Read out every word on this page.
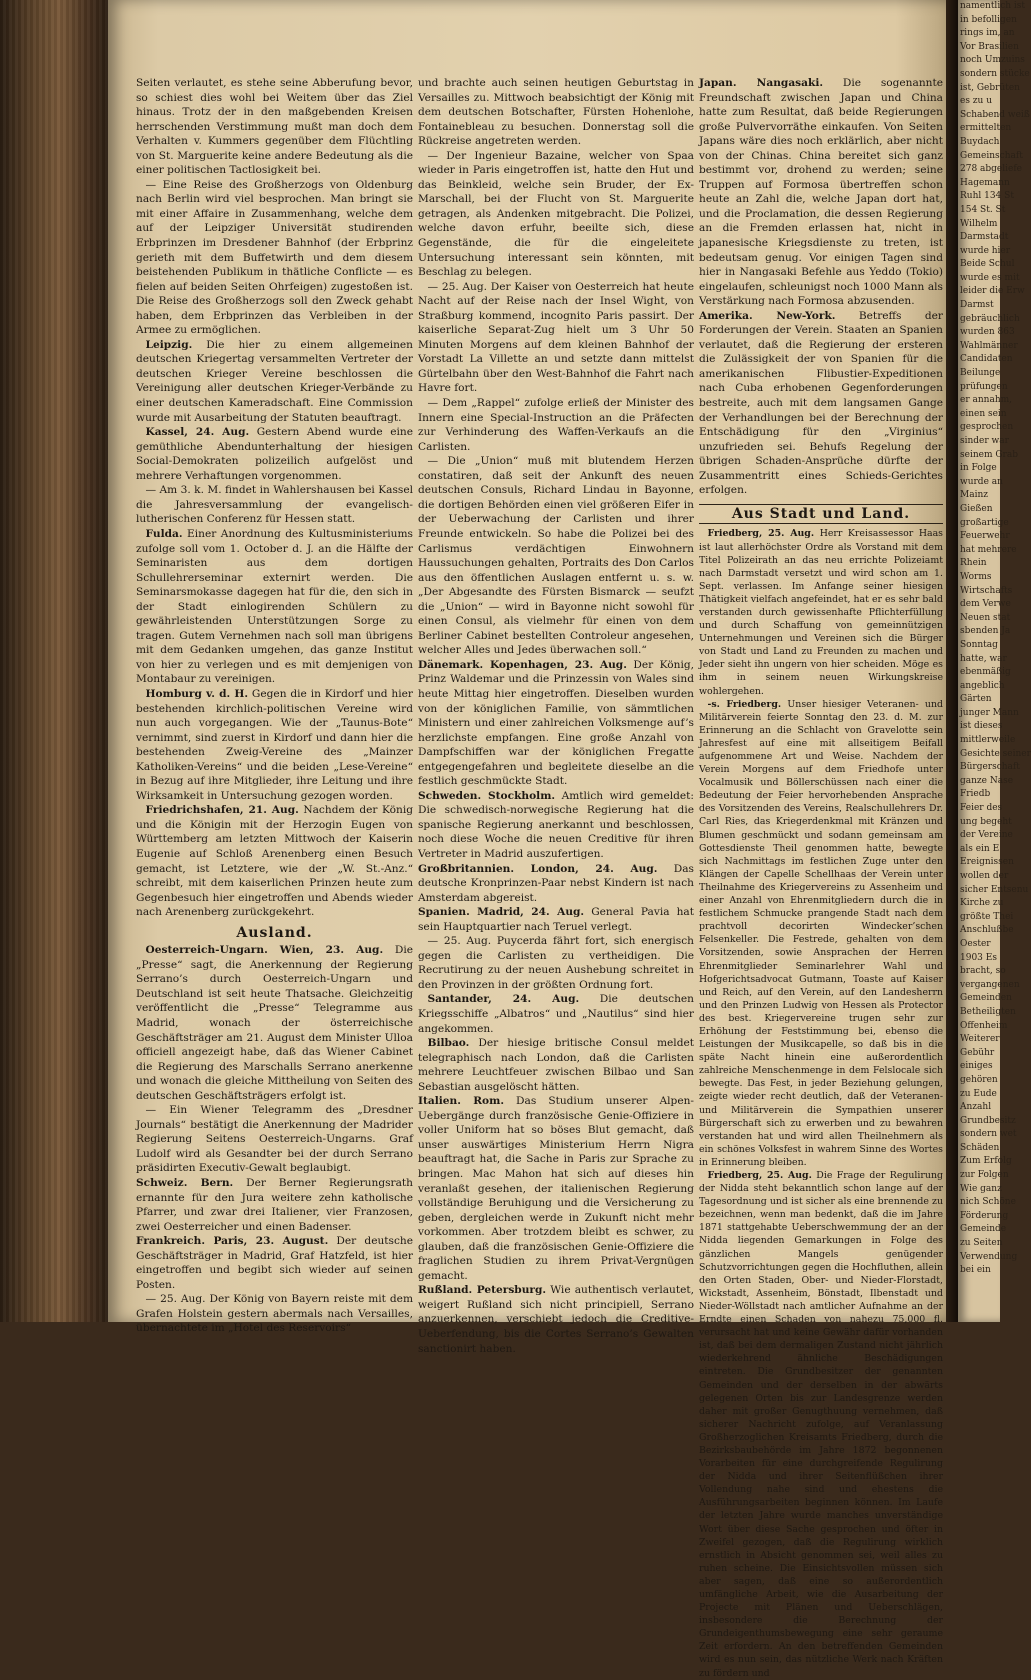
Seiten verlautet, es stehe seine Abberufung bevor, so schiest dies wohl bei Weitem über das Ziel hinaus. Trotz der in den maßgebenden Kreisen herrschenden Verstimmung mußt man doch dem Verhalten v. Kummers gegenüber dem Flüchtling von St. Marguerite keine andere Bedeutung als die einer politischen Tactlosigkeit bei.

— Eine Reise des Großherzogs von Oldenburg nach Berlin wird viel besprochen. Man bringt sie mit einer Affaire in Zusammenhang, welche dem auf der Leipziger Universität studirenden Erbprinzen im Dresdener Bahnhof (der Erbprinz gerieth mit dem Buffetwirth und dem diesem beistehenden Publikum in thätliche Conflicte — es fielen auf beiden Seiten Ohrfeigen) zugestoßen ist. Die Reise des Großherzogs soll den Zweck gehabt haben, dem Erbprinzen das Verbleiben in der Armee zu ermöglichen.

Leipzig. Die hier zu einem allgemeinen deutschen Kriegertag versammelten Vertreter der deutschen Krieger Vereine beschlossen die Vereinigung aller deutschen Krieger-Verbände zu einer deutschen Kameradschaft. Eine Commission wurde mit Ausarbeitung der Statuten beauftragt.

Kassel, 24. Aug. Gestern Abend wurde eine gemüthliche Abendunterhaltung der hiesigen Social-Demokraten polizeilich aufgelöst und mehrere Verhaftungen vorgenommen.

— Am 3. k. M. findet in Wahlershausen bei Kassel die Jahresversammlung der evangelisch-lutherischen Conferenz für Hessen statt.

Fulda. Einer Anordnung des Kultusministeriums zufolge soll vom 1. October d. J. an die Hälfte der Seminaristen aus dem dortigen Schullehrerseminar externirt werden. Die Seminarsmokasse dagegen hat für die, den sich in der Stadt einlogirenden Schülern zu gewährleistenden Unterstützungen Sorge zu tragen. Gutem Vernehmen nach soll man übrigens mit dem Gedanken umgehen, das ganze Institut von hier zu verlegen und es mit demjenigen von Montabaur zu vereinigen.

Homburg v. d. H. Gegen die in Kirdorf und hier bestehenden kirchlich-politischen Vereine wird nun auch vorgegangen. Wie der „Taunus-Bote“ vernimmt, sind zuerst in Kirdorf und dann hier die bestehenden Zweig-Vereine des „Mainzer Katholiken-Vereins“ und die beiden „Lese-Vereine“ in Bezug auf ihre Mitglieder, ihre Leitung und ihre Wirksamkeit in Untersuchung gezogen worden.

Friedrichshafen, 21. Aug. Nachdem der König und die Königin mit der Herzogin Eugen von Württemberg am letzten Mittwoch der Kaiserin Eugenie auf Schloß Arenenberg einen Besuch gemacht, ist Letztere, wie der „W. St.-Anz.“ schreibt, mit dem kaiserlichen Prinzen heute zum Gegenbesuch hier eingetroffen und Abends wieder nach Arenenberg zurückgekehrt.

Ausland.

Oesterreich-Ungarn. Wien, 23. Aug. Die „Presse“ sagt, die Anerkennung der Regierung Serrano’s durch Oesterreich-Ungarn und Deutschland ist seit heute Thatsache. Gleichzeitig veröffentlicht die „Presse“ Telegramme aus Madrid, wonach der österreichische Geschäftsträger am 21. August dem Minister Ulloa officiell angezeigt habe, daß das Wiener Cabinet die Regierung des Marschalls Serrano anerkenne und wonach die gleiche Mittheilung von Seiten des deutschen Geschäftsträgers erfolgt ist.

— Ein Wiener Telegramm des „Dresdner Journals“ bestätigt die Anerkennung der Madrider Regierung Seitens Oesterreich-Ungarns. Graf Ludolf wird als Gesandter bei der durch Serrano präsidirten Executiv-Gewalt beglaubigt.

Schweiz. Bern. Der Berner Regierungsrath ernannte für den Jura weitere zehn katholische Pfarrer, und zwar drei Italiener, vier Franzosen, zwei Oesterreicher und einen Badenser.

Frankreich. Paris, 23. August. Der deutsche Geschäftsträger in Madrid, Graf Hatzfeld, ist hier eingetroffen und begibt sich wieder auf seinen Posten.

— 25. Aug. Der König von Bayern reiste mit dem Grafen Holstein gestern abermals nach Versailles, übernachtete im „Hotel des Reservoirs“

und brachte auch seinen heutigen Geburtstag in Versailles zu. Mittwoch beabsichtigt der König mit dem deutschen Botschafter, Fürsten Hohenlohe, Fontainebleau zu besuchen. Donnerstag soll die Rückreise angetreten werden.

— Der Ingenieur Bazaine, welcher von Spaa wieder in Paris eingetroffen ist, hatte den Hut und das Beinkleid, welche sein Bruder, der Ex-Marschall, bei der Flucht von St. Marguerite getragen, als Andenken mitgebracht. Die Polizei, welche davon erfuhr, beeilte sich, diese Gegenstände, die für die eingeleitete Untersuchung interessant sein könnten, mit Beschlag zu belegen.

— 25. Aug. Der Kaiser von Oesterreich hat heute Nacht auf der Reise nach der Insel Wight, von Straßburg kommend, incognito Paris passirt. Der kaiserliche Separat-Zug hielt um 3 Uhr 50 Minuten Morgens auf dem kleinen Bahnhof der Vorstadt La Villette an und setzte dann mittelst Gürtelbahn über den West-Bahnhof die Fahrt nach Havre fort.

— Dem „Rappel“ zufolge erließ der Minister des Innern eine Special-Instruction an die Präfecten zur Verhinderung des Waffen-Verkaufs an die Carlisten.

— Die „Union“ muß mit blutendem Herzen constatiren, daß seit der Ankunft des neuen deutschen Consuls, Richard Lindau in Bayonne, die dortigen Behörden einen viel größeren Eifer in der Ueberwachung der Carlisten und ihrer Freunde entwickeln. So habe die Polizei bei des Carlismus verdächtigen Einwohnern Haussuchungen gehalten, Portraits des Don Carlos aus den öffentlichen Auslagen entfernt u. s. w. „Der Abgesandte des Fürsten Bismarck — seufzt die „Union“ — wird in Bayonne nicht sowohl für einen Consul, als vielmehr für einen von dem Berliner Cabinet bestellten Controleur angesehen, welcher Alles und Jedes überwachen soll.“

Dänemark. Kopenhagen, 23. Aug. Der König, Prinz Waldemar und die Prinzessin von Wales sind heute Mittag hier eingetroffen. Dieselben wurden von der königlichen Familie, von sämmtlichen Ministern und einer zahlreichen Volksmenge auf’s herzlichste empfangen. Eine große Anzahl von Dampfschiffen war der königlichen Fregatte entgegengefahren und begleitete dieselbe an die festlich geschmückte Stadt.

Schweden. Stockholm. Amtlich wird gemeldet: Die schwedisch-norwegische Regierung hat die spanische Regierung anerkannt und beschlossen, noch diese Woche die neuen Creditive für ihren Vertreter in Madrid auszufertigen.

Großbritannien. London, 24. Aug. Das deutsche Kronprinzen-Paar nebst Kindern ist nach Amsterdam abgereist.

Spanien. Madrid, 24. Aug. General Pavia hat sein Hauptquartier nach Teruel verlegt.

— 25. Aug. Puycerda fährt fort, sich energisch gegen die Carlisten zu vertheidigen. Die Recrutirung zu der neuen Aushebung schreitet in den Provinzen in der größten Ordnung fort.

Santander, 24. Aug. Die deutschen Kriegsschiffe „Albatros“ und „Nautilus“ sind hier angekommen.

Bilbao. Der hiesige britische Consul meldet telegraphisch nach London, daß die Carlisten mehrere Leuchtfeuer zwischen Bilbao und San Sebastian ausgelöscht hätten.

Italien. Rom. Das Studium unserer Alpen-Uebergänge durch französische Genie-Offiziere in voller Uniform hat so böses Blut gemacht, daß unser auswärtiges Ministerium Herrn Nigra beauftragt hat, die Sache in Paris zur Sprache zu bringen. Mac Mahon hat sich auf dieses hin veranlaßt gesehen, der italienischen Regierung vollständige Beruhigung und die Versicherung zu geben, dergleichen werde in Zukunft nicht mehr vorkommen. Aber trotzdem bleibt es schwer, zu glauben, daß die französischen Genie-Offiziere die fraglichen Studien zu ihrem Privat-Vergnügen gemacht.

Rußland. Petersburg. Wie authentisch verlautet, weigert Rußland sich nicht principiell, Serrano anzuerkennen, verschiebt jedoch die Creditive-Ueberfendung, bis die Cortes Serrano’s Gewalten sanctionirt haben.

Japan. Nangasaki. Die sogenannte Freundschaft zwischen Japan und China hatte zum Resultat, daß beide Regierungen große Pulvervorräthe einkaufen. Von Seiten Japans wäre dies noch erklärlich, aber nicht von der Chinas. China bereitet sich ganz bestimmt vor, drohend zu werden; seine Truppen auf Formosa übertreffen schon heute an Zahl die, welche Japan dort hat, und die Proclamation, die dessen Regierung an die Fremden erlassen hat, nicht in japanesische Kriegsdienste zu treten, ist bedeutsam genug. Vor einigen Tagen sind hier in Nangasaki Befehle aus Yeddo (Tokio) eingelaufen, schleunigst noch 1000 Mann als Verstärkung nach Formosa abzusenden.

Amerika. New-York. Betreffs der Forderungen der Verein. Staaten an Spanien verlautet, daß die Regierung der ersteren die Zulässigkeit der von Spanien für die amerikanischen Flibustier-Expeditionen nach Cuba erhobenen Gegenforderungen bestreite, auch mit dem langsamen Gange der Verhandlungen bei der Berechnung der Entschädigung für den „Virginius“ unzufrieden sei. Behufs Regelung der übrigen Schaden-Ansprüche dürfte der Zusammentritt eines Schieds-Gerichtes erfolgen.

Aus Stadt und Land.

Friedberg, 25. Aug. Herr Kreisassessor Haas ist laut allerhöchster Ordre als Vorstand mit dem Titel Polizeirath an das neu errichte Polizeiamt nach Darmstadt versetzt und wird schon am 1. Sept. verlassen. Im Anfange seiner hiesigen Thätigkeit vielfach angefeindet, hat er es sehr bald verstanden durch gewissenhafte Pflichterfüllung und durch Schaffung von gemeinnützigen Unternehmungen und Vereinen sich die Bürger von Stadt und Land zu Freunden zu machen und Jeder sieht ihn ungern von hier scheiden. Möge es ihm in seinem neuen Wirkungskreise wohlergehen.

-s. Friedberg. Unser hiesiger Veteranen- und Militärverein feierte Sonntag den 23. d. M. zur Erinnerung an die Schlacht von Gravelotte sein Jahresfest auf eine mit allseitigem Beifall aufgenommene Art und Weise. Nachdem der Verein Morgens auf dem Friedhofe unter Vocalmusik und Böllerschüssen nach einer die Bedeutung der Feier hervorhebenden Ansprache des Vorsitzenden des Vereins, Realschullehrers Dr. Carl Ries, das Kriegerdenkmal mit Kränzen und Blumen geschmückt und sodann gemeinsam am Gottesdienste Theil genommen hatte, bewegte sich Nachmittags im festlichen Zuge unter den Klängen der Capelle Schellhaas der Verein unter Theilnahme des Kriegervereins zu Assenheim und einer Anzahl von Ehrenmitgliedern durch die in festlichem Schmucke prangende Stadt nach dem prachtvoll decorirten Windecker’schen Felsenkeller. Die Festrede, gehalten von dem Vorsitzenden, sowie Ansprachen der Herren Ehrenmitglieder Seminarlehrer Wahl und Hofgerichtsadvocat Gutmann, Toaste auf Kaiser und Reich, auf den Verein, auf den Landesherrn und den Prinzen Ludwig von Hessen als Protector des best. Kriegervereine trugen sehr zur Erhöhung der Feststimmung bei, ebenso die Leistungen der Musikcapelle, so daß bis in die späte Nacht hinein eine außerordentlich zahlreiche Menschenmenge in dem Felslocale sich bewegte. Das Fest, in jeder Beziehung gelungen, zeigte wieder recht deutlich, daß der Veteranen- und Militärverein die Sympathien unserer Bürgerschaft sich zu erwerben und zu bewahren verstanden hat und wird allen Theilnehmern als ein schönes Volksfest in wahrem Sinne des Wortes in Erinnerung bleiben.

Friedberg, 25. Aug. Die Frage der Regulirung der Nidda steht bekanntlich schon lange auf der Tagesordnung und ist sicher als eine brennende zu bezeichnen, wenn man bedenkt, daß die im Jahre 1871 stattgehabte Ueberschwemmung der an der Nidda liegenden Gemarkungen in Folge des gänzlichen Mangels genügender Schutzvorrichtungen gegen die Hochfluthen, allein den Orten Staden, Ober- und Nieder-Florstadt, Wickstadt, Assenheim, Bönstadt, Ilbenstadt und Nieder-Wöllstadt nach amtlicher Aufnahme an der Erndte einen Schaden von nahezu 75,000 fl. verursacht hat und keine Gewähr dafür vorhanden ist, daß bei dem dermaligen Zustand nicht jährlich wiederkehrend ähnliche Beschädigungen eintreten. Die Grundbesitzer der genannten Gemeinden und der derselben in der abwärts gelegenen Orten bis zur Landesgrenze werden daher mit großer Genugthuung vernehmen, daß sicherer Nachricht zufolge, auf Veranlassung Großherzoglichen Kreisamts Friedberg, durch die Bezirksbaubehörde im Jahre 1872 begonnenen Vorarbeiten für eine durchgreifende Regulirung der Nidda und ihrer Seitenflüßchen ihrer Vollendung nahe sind und ehestens die Ausführungsarbeiten beginnen können. Im Laufe der letzten Jahre wurde manches unverständige Wort über diese Sache gesprochen und öfter in Zweifel gezogen, daß die Regulirung wirklich ernstlich in Absicht genommen sei, weil alles zu ruhen scheine. Die Einsichtsvollen müssen sich aber sagen, daß eine so außerordentlich umfängliche Arbeit, wie die Ausarbeitung der Projecte mit Plänen und Ueberschlägen, insbesondere die Berechnung der Grundeigenthumsbewegung eine sehr geraume Zeit erfordern. An den betreffenden Gemeinden wird es nun sein, das nützliche Werk nach Kräften zu fördern und

namentlich ist
in befolligen
rings im, an
Vor Brasilien
noch Umzuins
sondern stücke
ist, Gebrüten
es zu u
Schabend weiß
ermittelten
Buydach
Gemeinschaft
278 abgeliefe
Hagemann
Ruhl 134 St
154 St. St
Wilhelm
Darmstadt
wurde hier
Beide Schul
wurde es mit
leider die Erw
Darmst
gebräuchlich
wurden 863
Wahlmänner
Candidaten
Beilunge
prüfungen
er annahm,
einen sein
gesprochen
sinder war
seinem Grab
in Folge
wurde an
Mainz
Gießen
großartige
Feuerwehr
hat mehrere
Rhein
Worms
Wirtschafts
dem Verwe
Neuen stat
sbenden Ja
Sonntag
hatte, war
ebenmäßig
angeblich
Gärten
junger Mann
ist dieses
mittlerweile
Gesichte seiner
Bürgerschaft
ganze Nase
Friedb
Feier des
ung begeht
der Vereine
als ein E
Ereignissen
wollen der
sicher Entsenu
Kirche zu
größte Thei
Anschlußbe
Oester
1903 Es
bracht, so
vergangenen
Gemeinden
Betheiligten
Offenheim
Weiterer
Gebühr
einiges
gehören
zu Eude
Anzahl
Grundbesitz
sondern wet
Schäden
Zum Erfolg
zur Folgen
Wie ganz
nich Schöne
Förderung
Gemeinde
zu Seiten
Verwendung
bei ein
